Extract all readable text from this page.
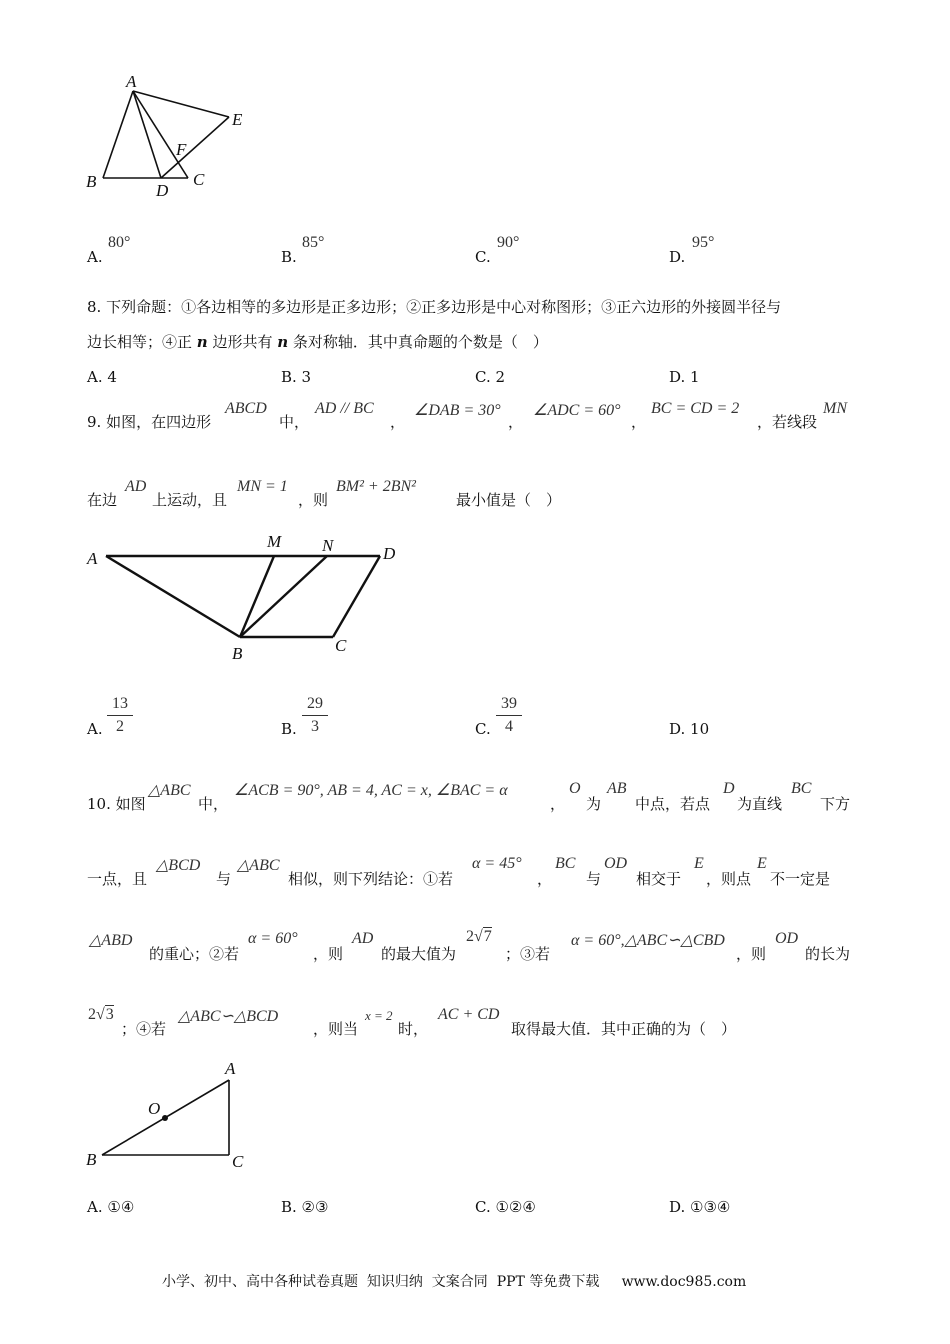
A
E
F
B	D
C
A.
80°
B.
85°
C.
90°
D.
95°
8. 下列命题：①各边相等的多边形是正多边形；②正多边形是中心对称图形；③正六边形的外接圆半径与
边长相等；④正 n 边形共有 n 条对称轴．其中真命题的个数是（　）
A. 4	B. 3	C. 2	D. 1
9. 如图，在四边形
ABCD
中，
AD // BC
，
∠DAB = 30°
，
∠ADC = 60°
，
BC = CD = 2
，若线段
MN
在边
AD
上运动，且
MN = 1
，则
BM² + 2BN²
最小值是（　）
A
M N	D
B	C
A.
13
2	B.
29
3	C.
39
4	D. 10
10. 如图
△ABC
中，
∠ACB = 90°, AB = 4, AC = x, ∠BAC = α
，
O
为
AB
中点，若点
D
为直线
BC
下方
一点，且
△BCD
与
△ABC
相似，则下列结论：①若
α = 45°
，
BC
与
OD
相交于
E
，则点
E
不一定是
△ABD
的重心；②若
α = 60°
，则
AD
的最大值为
2√7
；③若
α = 60°,△ABC∽△CBD
，则
OD
的长为
2√3
；④若
△ABC∽△BCD
，则当
x = 2
时，
AC + CD
取得最大值．其中正确的为（　）
A
O
B	C
A. ①④	B. ②③	C. ①②④	D. ①③④
小学、初中、高中各种试卷真题  知识归纳  文案合同  PPT 等免费下载     www.doc985.com
